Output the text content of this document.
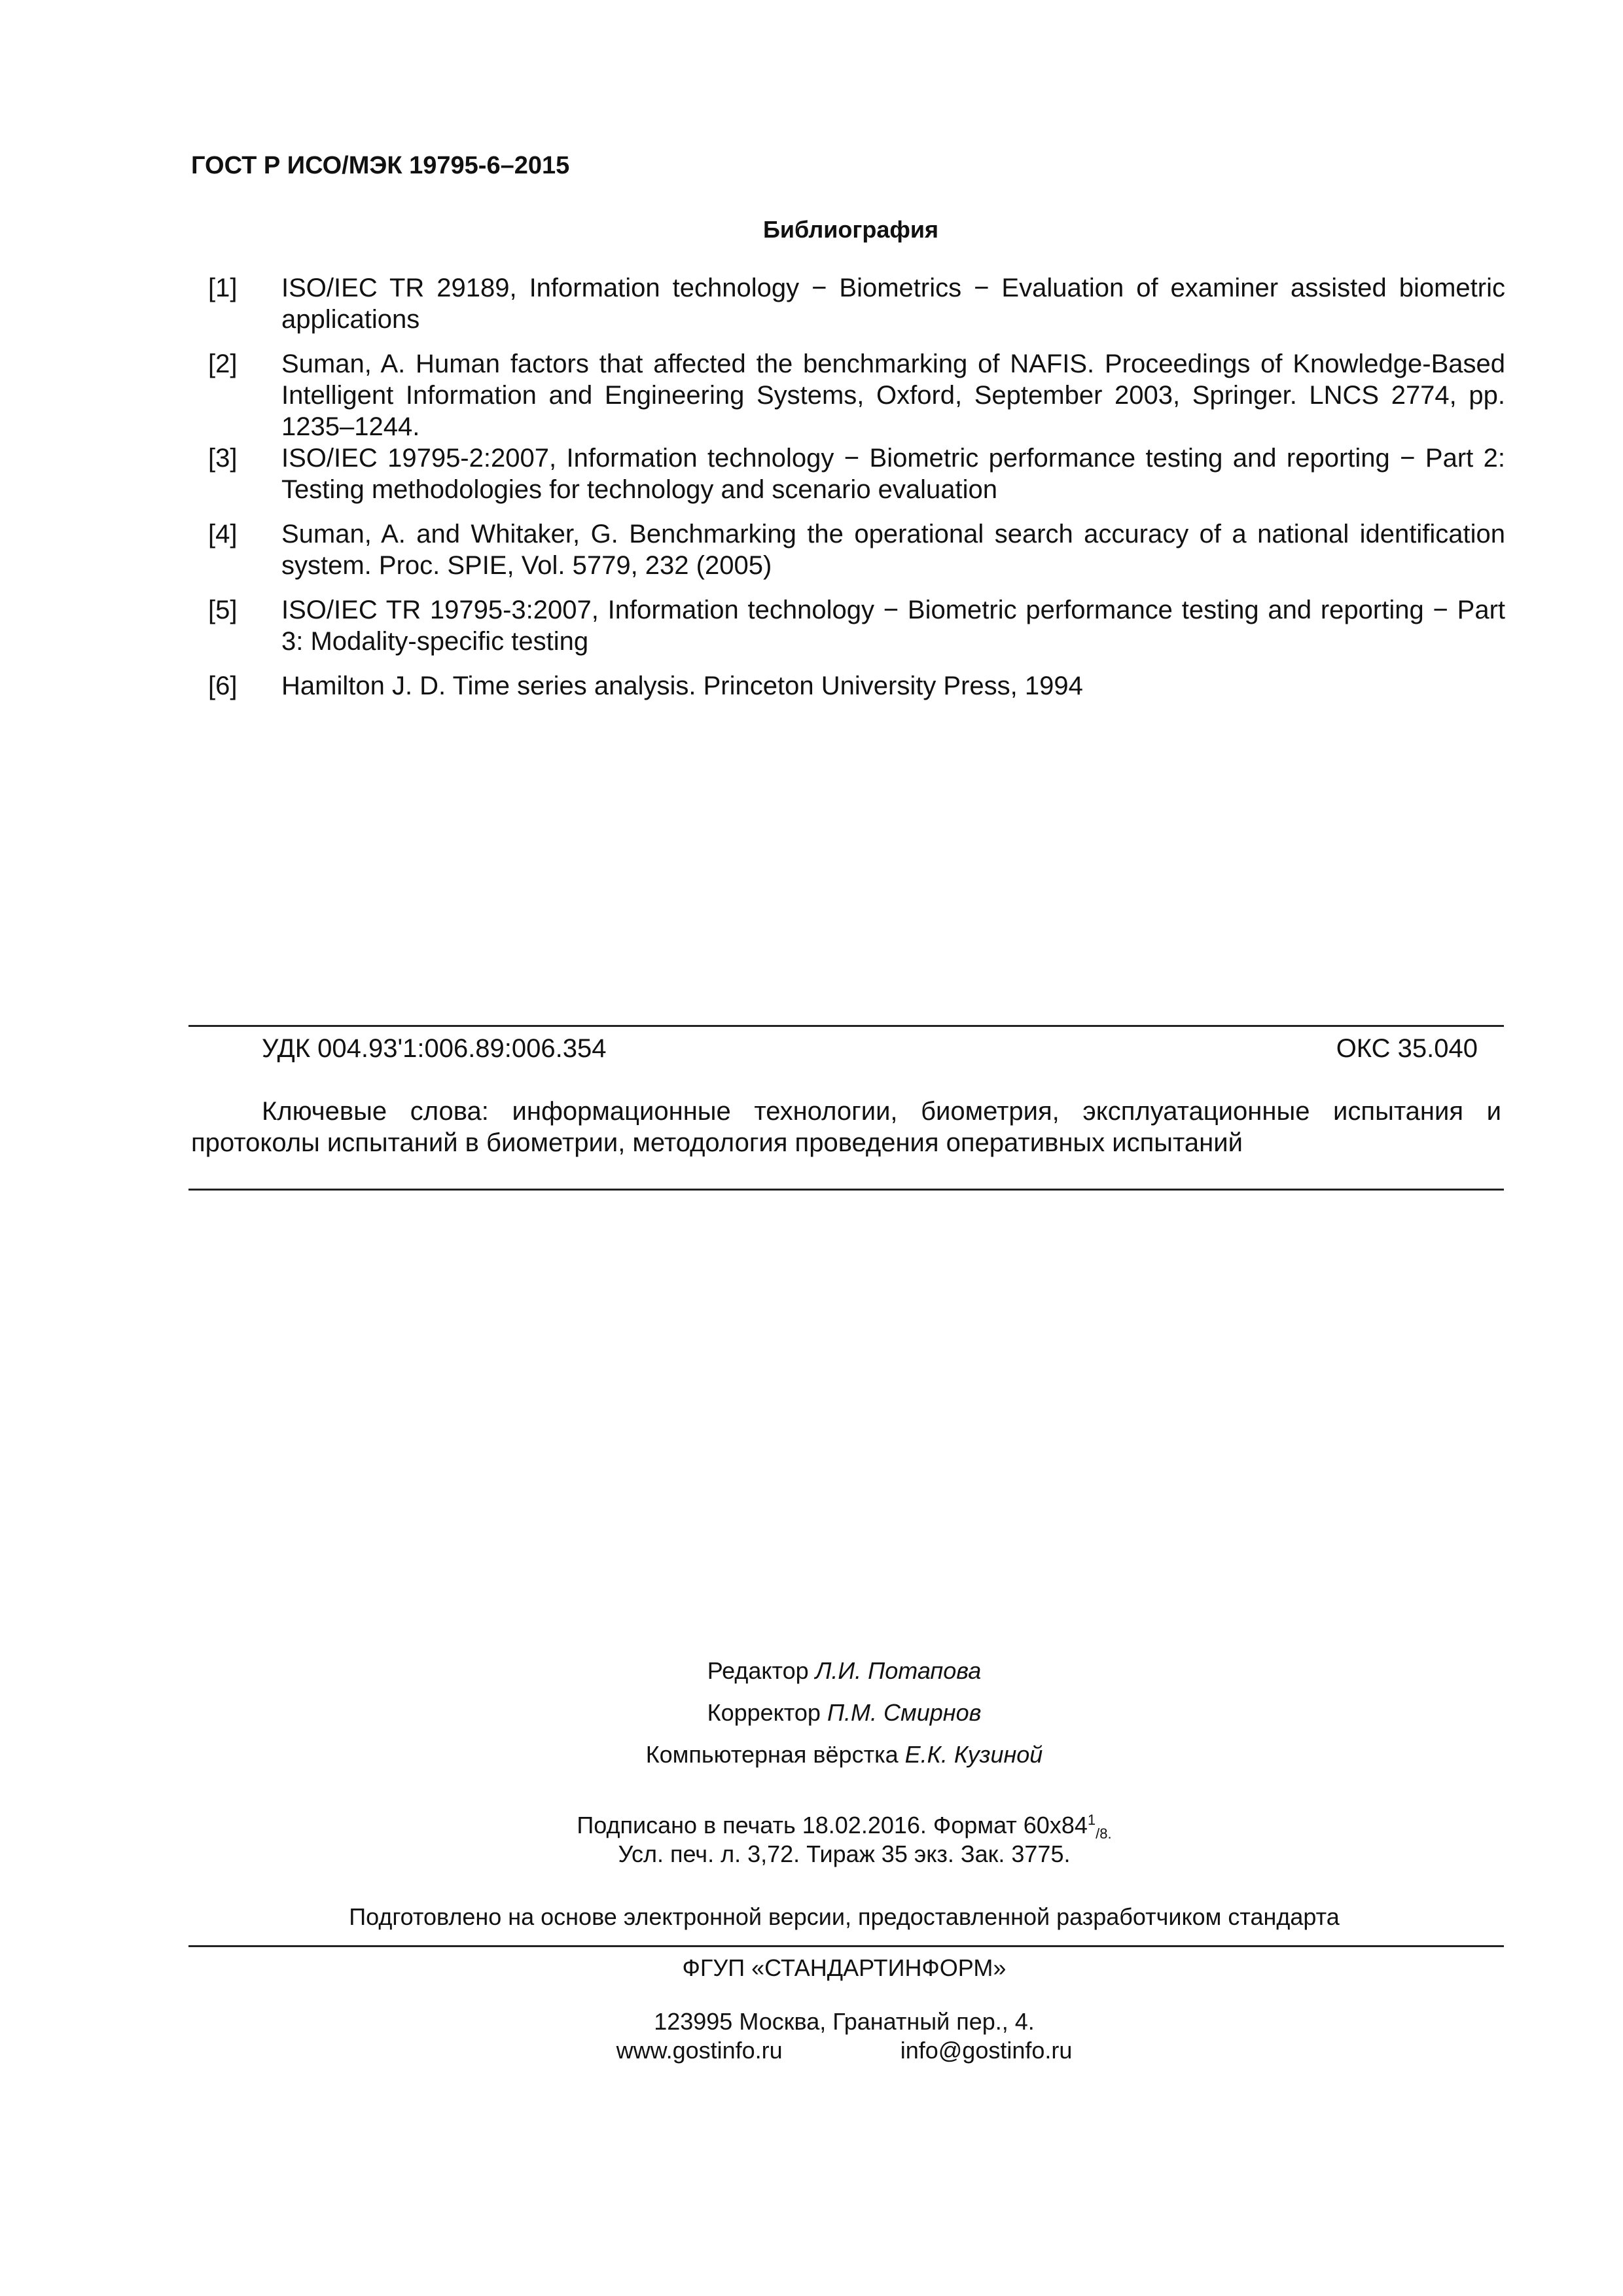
ГОСТ Р ИСО/МЭК 19795-6–2015
Библиография
[1]	ISO/IEC TR 29189, Information technology − Biometrics − Evaluation of examiner assisted biometric applications
[2]	Suman, A. Human factors that affected the benchmarking of NAFIS. Proceedings of Knowledge-Based Intelligent Information and Engineering Systems, Oxford, September 2003, Springer. LNCS 2774, pp. 1235–1244.
[3]	ISO/IEC 19795-2:2007, Information technology − Biometric performance testing and reporting − Part 2: Testing methodologies for technology and scenario evaluation
[4]	Suman, A. and Whitaker, G. Benchmarking the operational search accuracy of a national identification system. Proc. SPIE, Vol. 5779, 232 (2005)
[5]	ISO/IEC TR 19795-3:2007, Information technology − Biometric performance testing and reporting − Part 3: Modality-specific testing
[6]	Hamilton J. D. Time series analysis. Princeton University Press, 1994
УДК 004.93'1:006.89:006.354	ОКС 35.040
Ключевые слова: информационные технологии, биометрия, эксплуатационные испытания и протоколы испытаний в биометрии, методология проведения оперативных испытаний
Редактор Л.И. Потапова
Корректор П.М. Смирнов
Компьютерная вёрстка Е.К. Кузиной
Подписано в печать 18.02.2016. Формат $60х84^1_{/8.}$
Усл. печ. л. 3,72. Тираж 35 экз. Зак. 3775.
Подготовлено на основе электронной версии, предоставленной разработчиком стандарта
ФГУП «СТАНДАРТИНФОРМ»
123995 Москва, Гранатный пер., 4.
www.gostinfo.ru	info@gostinfo.ru
